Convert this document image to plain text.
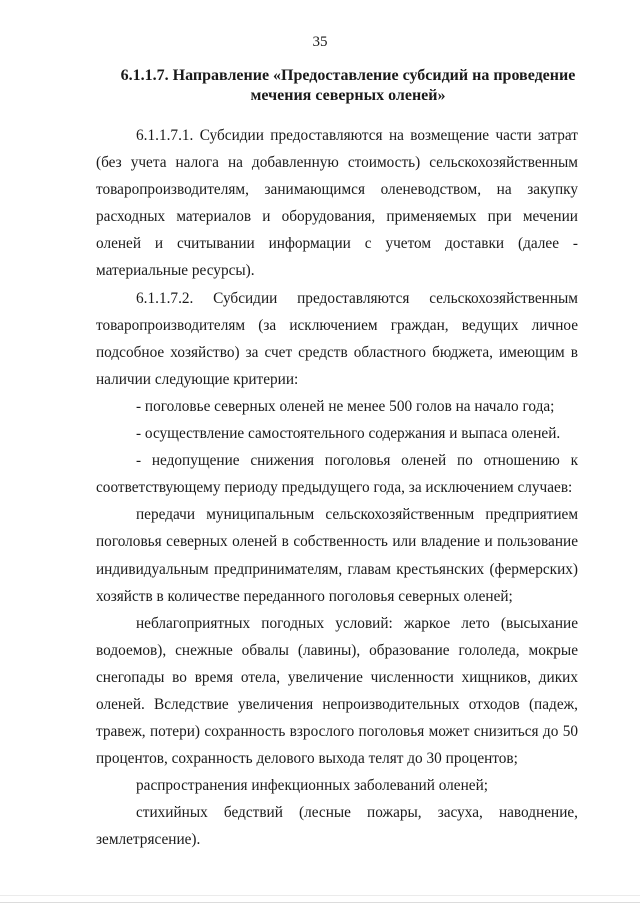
35
6.1.1.7. Направление «Предоставление субсидий на проведение
мечения северных оленей»

6.1.1.7.1. Субсидии предоставляются на возмещение части затрат (без учета налога на добавленную стоимость) сельскохозяйственным товаропроизводителям, занимающимся оленеводством, на закупку расходных материалов и оборудования, применяемых при мечении оленей и считывании информации с учетом доставки (далее - материальные ресурсы).

6.1.1.7.2. Субсидии предоставляются сельскохозяйственным товаропроизводителям (за исключением граждан, ведущих личное подсобное хозяйство) за счет средств областного бюджета, имеющим в наличии следующие критерии:

- поголовье северных оленей не менее 500 голов на начало года;

- осуществление самостоятельного содержания и выпаса оленей.

- недопущение снижения поголовья оленей по отношению к соответствующему периоду предыдущего года, за исключением случаев:

передачи муниципальным сельскохозяйственным предприятием поголовья северных оленей в собственность или владение и пользование индивидуальным предпринимателям, главам крестьянских (фермерских) хозяйств в количестве переданного поголовья северных оленей;

неблагоприятных погодных условий: жаркое лето (высыхание водоемов), снежные обвалы (лавины), образование гололеда, мокрые снегопады во время отела, увеличение численности хищников, диких оленей. Вследствие увеличения непроизводительных отходов (падеж, травеж, потери) сохранность взрослого поголовья может снизиться до 50 процентов, сохранность делового выхода телят до 30 процентов;

распространения инфекционных заболеваний оленей;

стихийных бедствий (лесные пожары, засуха, наводнение, землетрясение).
